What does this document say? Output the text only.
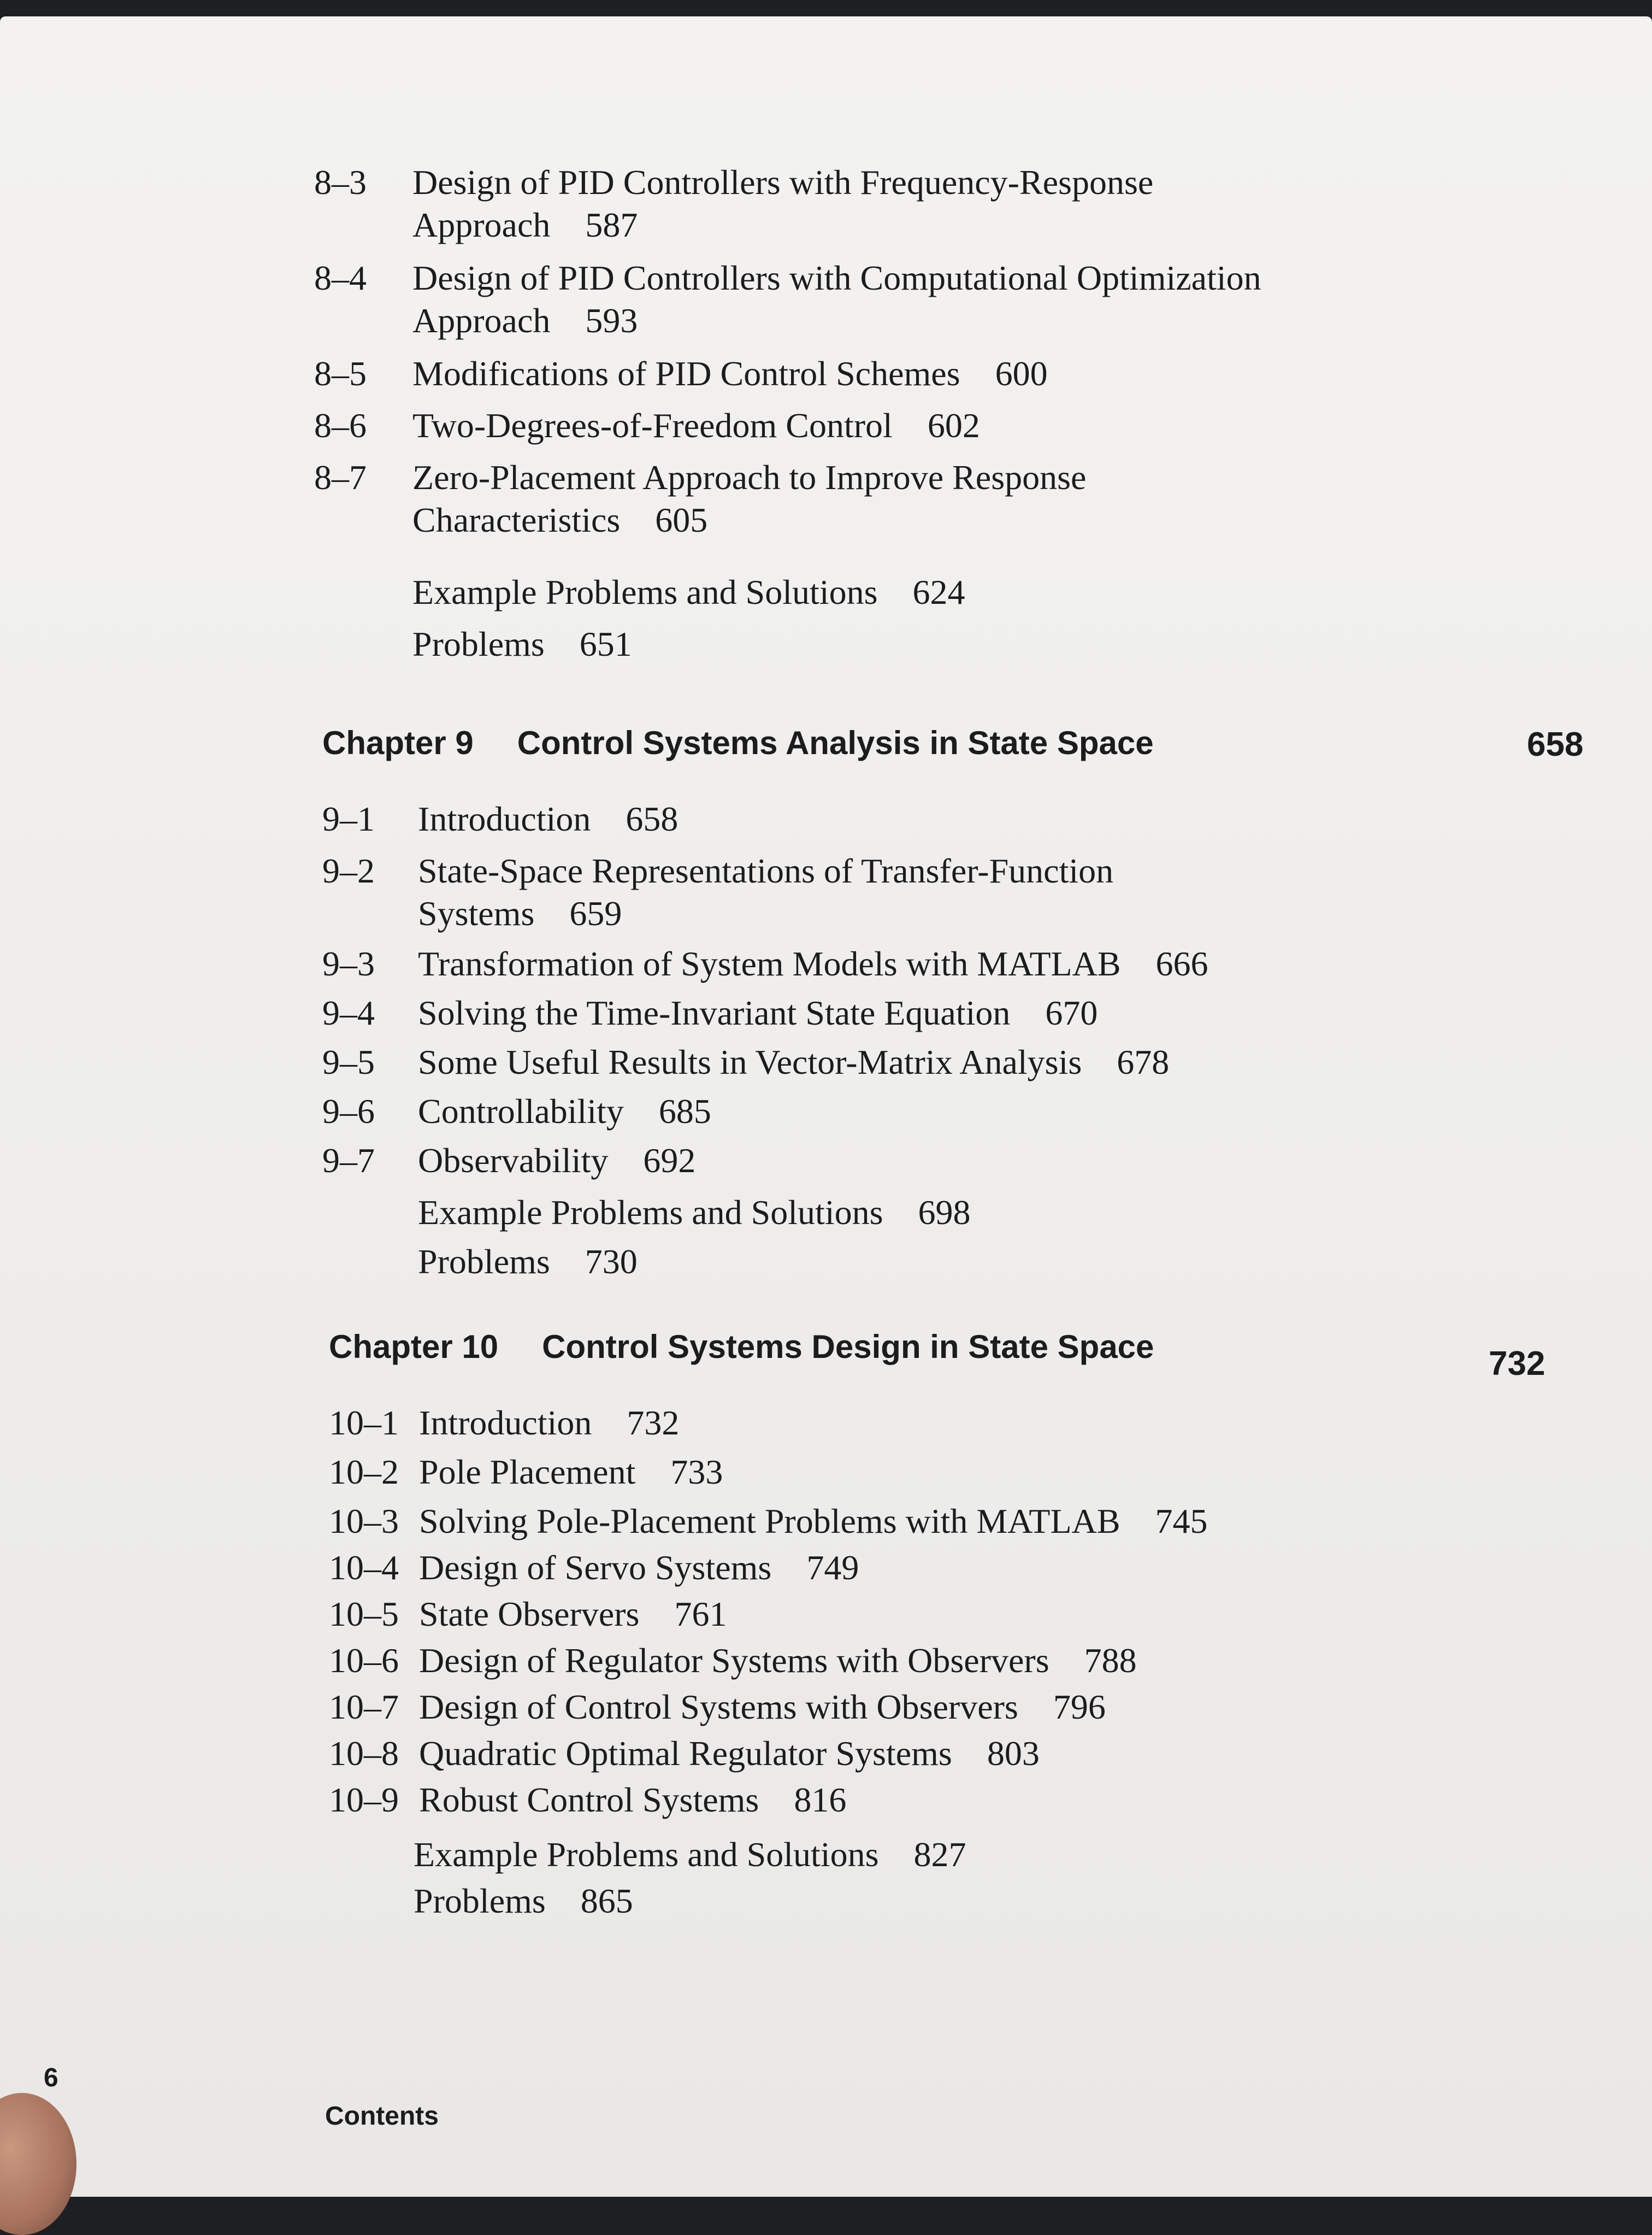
8–3 Design of PID Controllers with Frequency-Response
Approach 587
8–4 Design of PID Controllers with Computational Optimization
Approach 593
8–5 Modifications of PID Control Schemes 600
8–6 Two-Degrees-of-Freedom Control 602
8–7 Zero-Placement Approach to Improve Response
Characteristics 605
Example Problems and Solutions 624
Problems 651
Chapter 9 Control Systems Analysis in State Space	658
9–1 Introduction 658
9–2 State-Space Representations of Transfer-Function
Systems 659
9–3 Transformation of System Models with MATLAB 666
9–4 Solving the Time-Invariant State Equation 670
9–5 Some Useful Results in Vector-Matrix Analysis 678
9–6 Controllability 685
9–7 Observability 692
Example Problems and Solutions 698
Problems 730
Chapter 10 Control Systems Design in State Space	732
10–1 Introduction 732
10–2 Pole Placement 733
10–3 Solving Pole-Placement Problems with MATLAB 745
10–4 Design of Servo Systems 749
10–5 State Observers 761
10–6 Design of Regulator Systems with Observers 788
10–7 Design of Control Systems with Observers 796
10–8 Quadratic Optimal Regulator Systems 803
10–9 Robust Control Systems 816
Example Problems and Solutions 827
Problems 865
6
Contents
